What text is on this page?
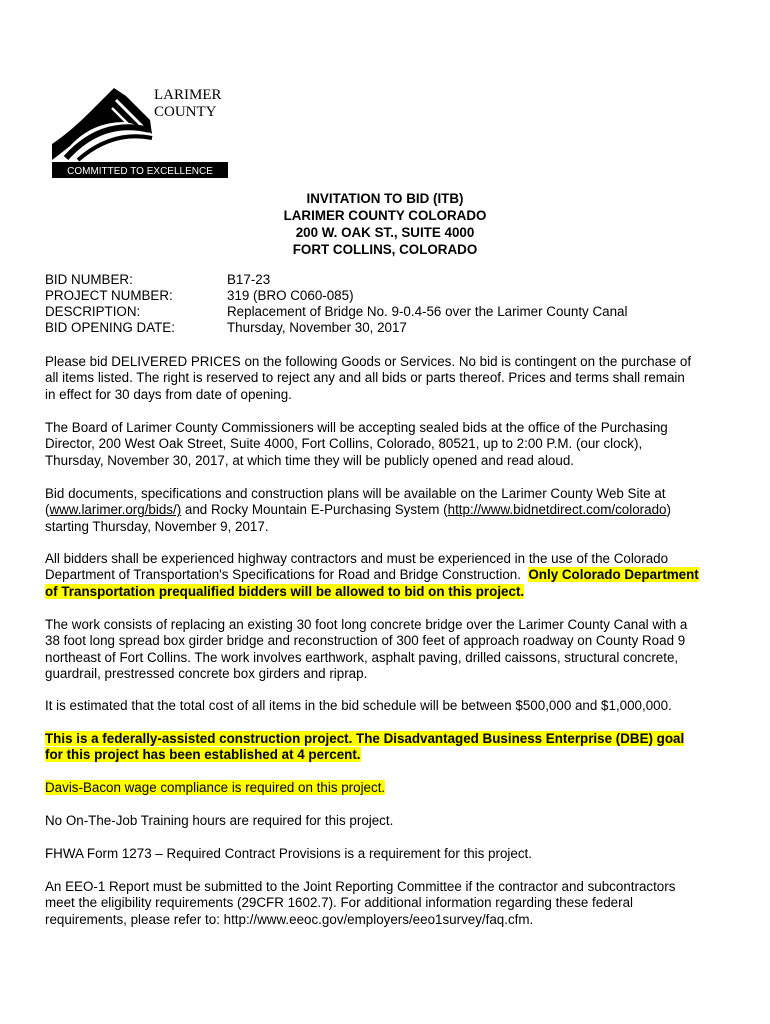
LARIMER
COUNTY
COMMITTED TO EXCELLENCE
INVITATION TO BID (ITB)
LARIMER COUNTY COLORADO
200 W. OAK ST., SUITE 4000
FORT COLLINS, COLORADO
BID NUMBER:	B17-23
PROJECT NUMBER:	319 (BRO C060-085)
DESCRIPTION:	Replacement of Bridge No. 9-0.4-56 over the Larimer County Canal
BID OPENING DATE:	Thursday, November 30, 2017
Please bid DELIVERED PRICES on the following Goods or Services. No bid is contingent on the purchase of
all items listed. The right is reserved to reject any and all bids or parts thereof. Prices and terms shall remain
in effect for 30 days from date of opening.
The Board of Larimer County Commissioners will be accepting sealed bids at the office of the Purchasing
Director, 200 West Oak Street, Suite 4000, Fort Collins, Colorado, 80521, up to 2:00 P.M. (our clock),
Thursday, November 30, 2017, at which time they will be publicly opened and read aloud.
Bid documents, specifications and construction plans will be available on the Larimer County Web Site at
(www.larimer.org/bids/) and Rocky Mountain E-Purchasing System (http://www.bidnetdirect.com/colorado)
starting Thursday, November 9, 2017.
All bidders shall be experienced highway contractors and must be experienced in the use of the Colorado
Department of Transportation's Specifications for Road and Bridge Construction.  Only Colorado Department
of Transportation prequalified bidders will be allowed to bid on this project.
The work consists of replacing an existing 30 foot long concrete bridge over the Larimer County Canal with a
38 foot long spread box girder bridge and reconstruction of 300 feet of approach roadway on County Road 9
northeast of Fort Collins. The work involves earthwork, asphalt paving, drilled caissons, structural concrete,
guardrail, prestressed concrete box girders and riprap.
It is estimated that the total cost of all items in the bid schedule will be between $500,000 and $1,000,000.
This is a federally-assisted construction project. The Disadvantaged Business Enterprise (DBE) goal
for this project has been established at 4 percent.
Davis-Bacon wage compliance is required on this project.
No On-The-Job Training hours are required for this project.
FHWA Form 1273 – Required Contract Provisions is a requirement for this project.
An EEO-1 Report must be submitted to the Joint Reporting Committee if the contractor and subcontractors
meet the eligibility requirements (29CFR 1602.7). For additional information regarding these federal
requirements, please refer to: http://www.eeoc.gov/employers/eeo1survey/faq.cfm.
